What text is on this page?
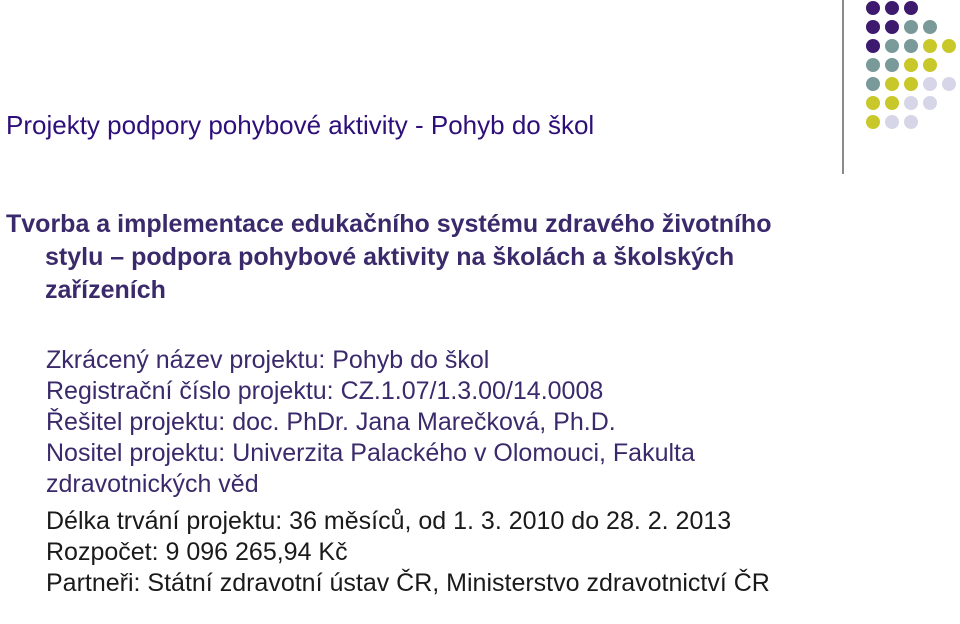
Projekty podpory pohybové aktivity - Pohyb do škol
Tvorba a implementace edukačního systému zdravého životního
stylu – podpora pohybové aktivity na školách a školských
zařízeních
Zkrácený název projektu: Pohyb do škol
Registrační číslo projektu: CZ.1.07/1.3.00/14.0008
Řešitel projektu: doc. PhDr. Jana Marečková, Ph.D.
Nositel projektu: Univerzita Palackého v Olomouci, Fakulta
zdravotnických věd
Délka trvání projektu: 36 měsíců, od 1. 3. 2010 do 28. 2. 2013
Rozpočet: 9 096 265,94 Kč
Partneři: Státní zdravotní ústav ČR, Ministerstvo zdravotnictví ČR
